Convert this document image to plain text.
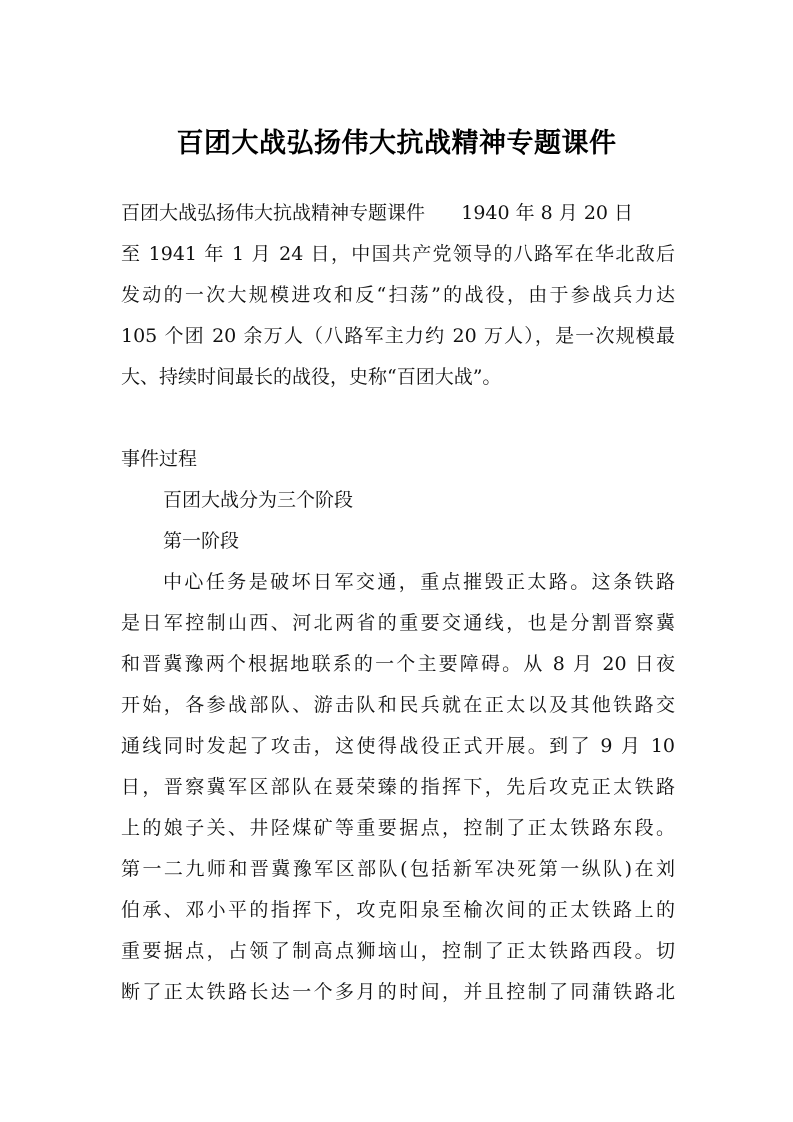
百团大战弘扬伟大抗战精神专题课件
百团大战弘扬伟大抗战精神专题课件      1940 年 8 月 20 日
至 1941 年 1 月 24 日，中国共产党领导的八路军在华北敌后
发动的一次大规模进攻和反“扫荡”的战役，由于参战兵力达
105 个团 20 余万人（八路军主力约 20 万人），是一次规模最
大、持续时间最长的战役，史称“百团大战”。
事件过程
百团大战分为三个阶段
第一阶段
中心任务是破坏日军交通，重点摧毁正太路。这条铁路
是日军控制山西、河北两省的重要交通线，也是分割晋察冀
和晋冀豫两个根据地联系的一个主要障碍。从 8 月 20 日夜
开始，各参战部队、游击队和民兵就在正太以及其他铁路交
通线同时发起了攻击，这使得战役正式开展。到了 9 月 10
日，晋察冀军区部队在聂荣臻的指挥下，先后攻克正太铁路
上的娘子关、井陉煤矿等重要据点，控制了正太铁路东段。
第一二九师和晋冀豫军区部队(包括新军决死第一纵队)在刘
伯承、邓小平的指挥下，攻克阳泉至榆次间的正太铁路上的
重要据点，占领了制高点狮垴山，控制了正太铁路西段。切
断了正太铁路长达一个多月的时间，并且控制了同蒲铁路北
